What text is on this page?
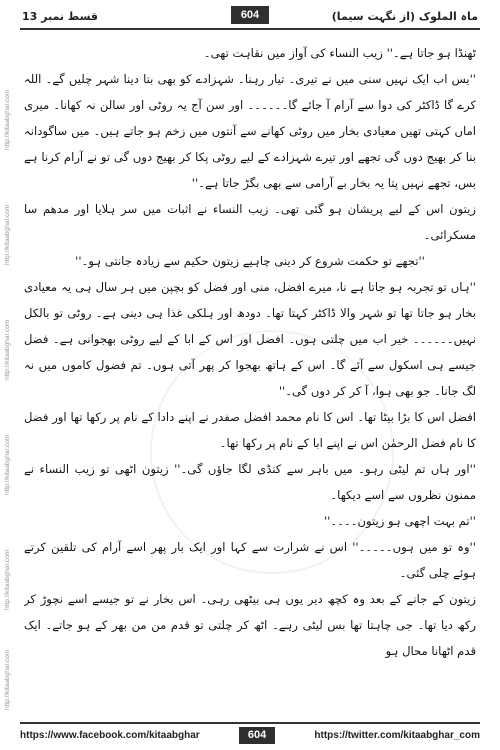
ماہ الملوک (از نگہت سیما)
قسط نمبر 13	604
http://kitaabghar.com
http://kitaabghar.com
http://kitaabghar.com
http://kitaabghar.com
http://kitaabghar.com
http://kitaabghar.com

ٹھنڈا ہو جاتا ہے۔'' زیب النساء کی آواز میں نقاہت تھی۔

''بس اب ایک نہیں سنی میں نے تیری۔ تیار رہنا۔ شہزادے کو بھی بتا دینا شہر چلیں گے۔ اللہ کرے گا ڈاکٹر کی دوا سے آرام آ جائے گا۔۔۔۔۔۔ اور سن آج یہ روٹی اور سالن نہ کھانا۔ میری اماں کہتی تھیں معیادی بخار میں روٹی کھانے سے آنتوں میں زخم ہو جاتے ہیں۔ میں ساگودانہ بنا کر بھیج دوں گی تجھے اور تیرے شہزادے کے لیے روٹی پکا کر بھیج دوں گی تو نے آرام کرنا ہے بس، تجھے نہیں پتا یہ بخار بے آرامی سے بھی بگڑ جاتا ہے۔''

زیتون اس کے لیے پریشان ہو گئی تھی۔ زیب النساء نے اثبات میں سر ہلایا اور مدھم سا مسکرائی۔

''تجھے تو حکمت شروع کر دینی چاہیے زیتون حکیم سے زیادہ جانتی ہو۔''

''ہاں تو تجربہ ہو جاتا ہے نا، میرے افضل، منی اور فضل کو بچپن میں ہر سال ہی یہ معیادی بخار ہو جاتا تھا تو شہر والا ڈاکٹر کہتا تھا۔ دودھ اور ہلکی غذا ہی دینی ہے۔ روٹی تو بالکل نہیں۔۔۔۔۔۔ خیر اب میں چلتی ہوں۔ افضل اور اس کے ابا کے لیے روٹی بھجوانی ہے۔ فضل جیسے ہی اسکول سے آئے گا۔ اس کے ہاتھ بھجوا کر پھر آتی ہوں۔ تم فضول کاموں میں نہ لگ جانا۔ جو بھی ہوا، آ کر کر دوں گی۔''

افضل اس کا بڑا بیٹا تھا۔ اس کا نام محمد افضل صفدر نے اپنے دادا کے نام پر رکھا تھا اور فضل کا نام فضل الرحمٰن اس نے اپنے ابا کے نام پر رکھا تھا۔

''اور ہاں تم لیٹی رہو۔ میں باہر سے کنڈی لگا جاؤں گی۔'' زیتون اٹھی تو زیب النساء نے ممنون نظروں سے اسے دیکھا۔

''تم بہت اچھی ہو زیتون۔۔۔۔''

''وہ تو میں ہوں۔۔۔۔۔'' اس نے شرارت سے کہا اور ایک بار پھر اسے آرام کی تلقین کرتے ہوئے چلی گئی۔

زیتون کے جانے کے بعد وہ کچھ دیر یوں ہی بیٹھی رہی۔ اس بخار نے تو جیسے اسے نچوڑ کر رکھ دیا تھا۔ جی چاہتا تھا بس لیٹی رہے۔ اٹھ کر چلتی تو قدم من من بھر کے ہو جاتے۔ ایک قدم اٹھانا محال ہو

https://www.facebook.com/kitaabghar	604	https://twitter.com/kitaabghar_com
